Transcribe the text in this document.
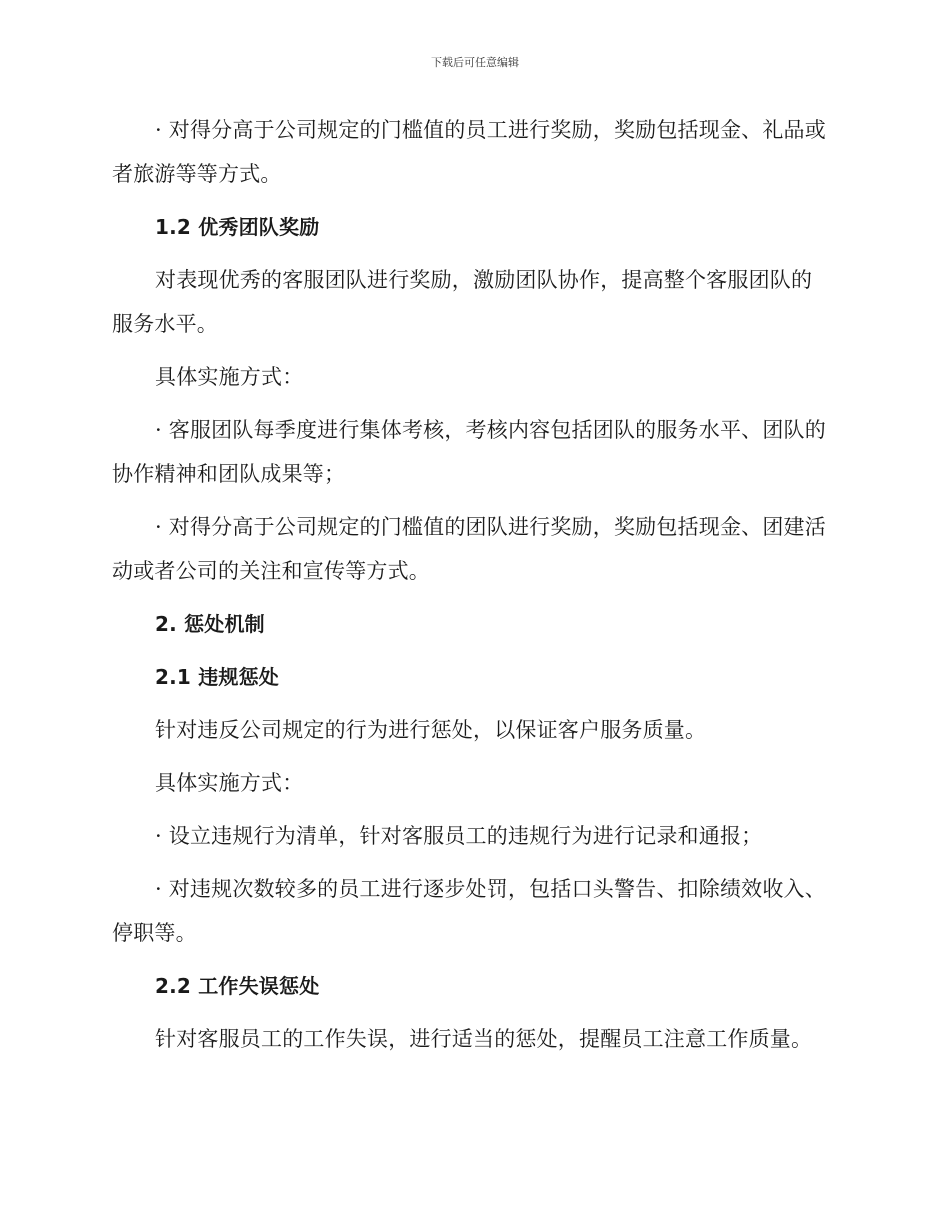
下载后可任意编辑

· 对得分高于公司规定的门槛值的员工进行奖励，奖励包括现金、礼品或者旅游等等方式。

1.2 优秀团队奖励

对表现优秀的客服团队进行奖励，激励团队协作，提高整个客服团队的服务水平。

具体实施方式：

· 客服团队每季度进行集体考核，考核内容包括团队的服务水平、团队的协作精神和团队成果等；

· 对得分高于公司规定的门槛值的团队进行奖励，奖励包括现金、团建活动或者公司的关注和宣传等方式。

2. 惩处机制

2.1 违规惩处

针对违反公司规定的行为进行惩处，以保证客户服务质量。

具体实施方式：

· 设立违规行为清单，针对客服员工的违规行为进行记录和通报；

· 对违规次数较多的员工进行逐步处罚，包括口头警告、扣除绩效收入、停职等。

2.2 工作失误惩处

针对客服员工的工作失误，进行适当的惩处，提醒员工注意工作质量。
